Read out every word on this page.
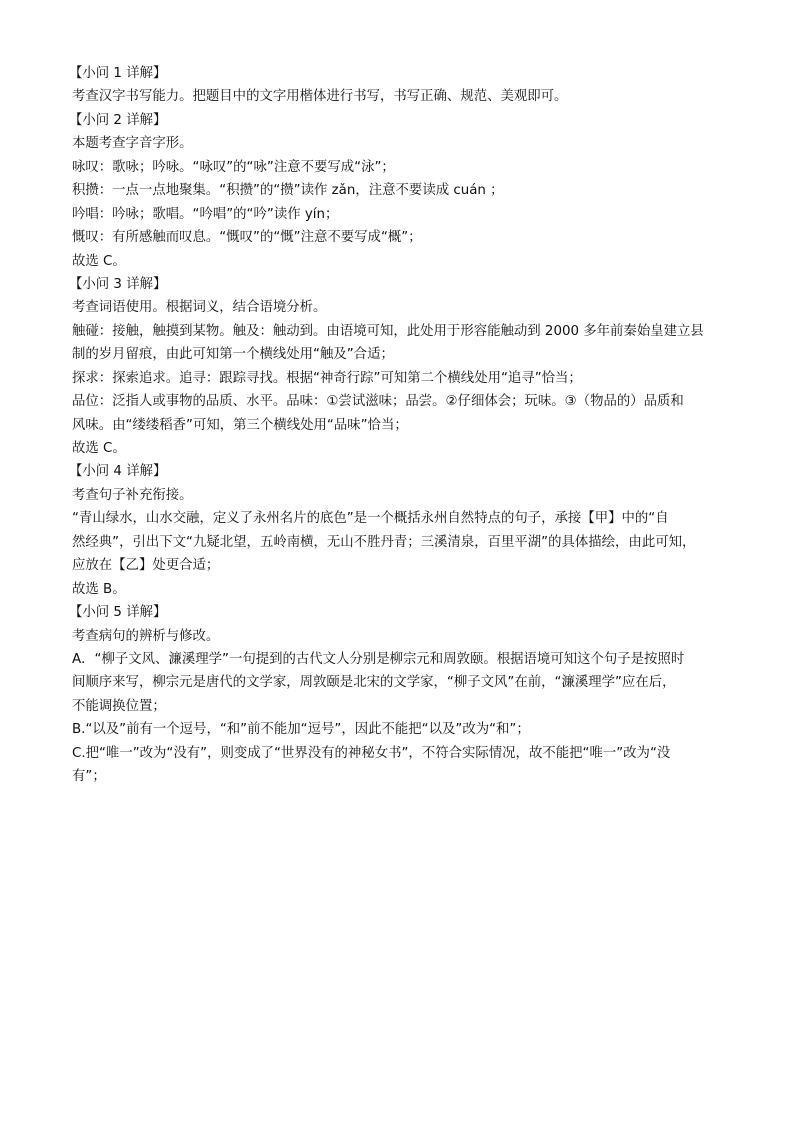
【小问 1 详解】
考查汉字书写能力。把题目中的文字用楷体进行书写，书写正确、规范、美观即可。
【小问 2 详解】
本题考查字音字形。
咏叹：歌咏；吟咏。“咏叹”的“咏”注意不要写成“泳”；
积攒：一点一点地聚集。“积攒”的“攒”读作 zǎn，注意不要读成 cuán ；
吟唱：吟咏；歌唱。“吟唱”的“吟”读作 yín；
慨叹：有所感触而叹息。“慨叹”的“慨”注意不要写成“概”；
故选 C。
【小问 3 详解】
考查词语使用。根据词义，结合语境分析。
触碰：接触，触摸到某物。触及：触动到。由语境可知，此处用于形容能触动到 2000 多年前秦始皇建立县
制的岁月留痕，由此可知第一个横线处用“触及”合适；
探求：探索追求。追寻：跟踪寻找。根据“神奇行踪”可知第二个横线处用“追寻”恰当；
品位：泛指人或事物的品质、水平。品味：①尝试滋味；品尝。②仔细体会；玩味。③（物品的）品质和
风味。由“缕缕稻香”可知，第三个横线处用“品味”恰当；
故选 C。
【小问 4 详解】
考查句子补充衔接。
“青山绿水，山水交融，定义了永州名片的底色”是一个概括永州自然特点的句子，承接【甲】中的“自
然经典”，引出下文“九疑北望，五岭南横，无山不胜丹青；三溪清泉，百里平湖”的具体描绘，由此可知，
应放在【乙】处更合适；
故选 B。
【小问 5 详解】
考查病句的辨析与修改。
A．“柳子文风、濂溪理学”一句提到的古代文人分别是柳宗元和周敦颐。根据语境可知这个句子是按照时
间顺序来写，柳宗元是唐代的文学家，周敦颐是北宋的文学家，“柳子文风”在前，“濂溪理学”应在后，
不能调换位置；
B.“以及”前有一个逗号，“和”前不能加“逗号”，因此不能把“以及”改为“和”；
C.把“唯一”改为“没有”，则变成了“世界没有的神秘女书”，不符合实际情况，故不能把“唯一”改为“没
有”；
